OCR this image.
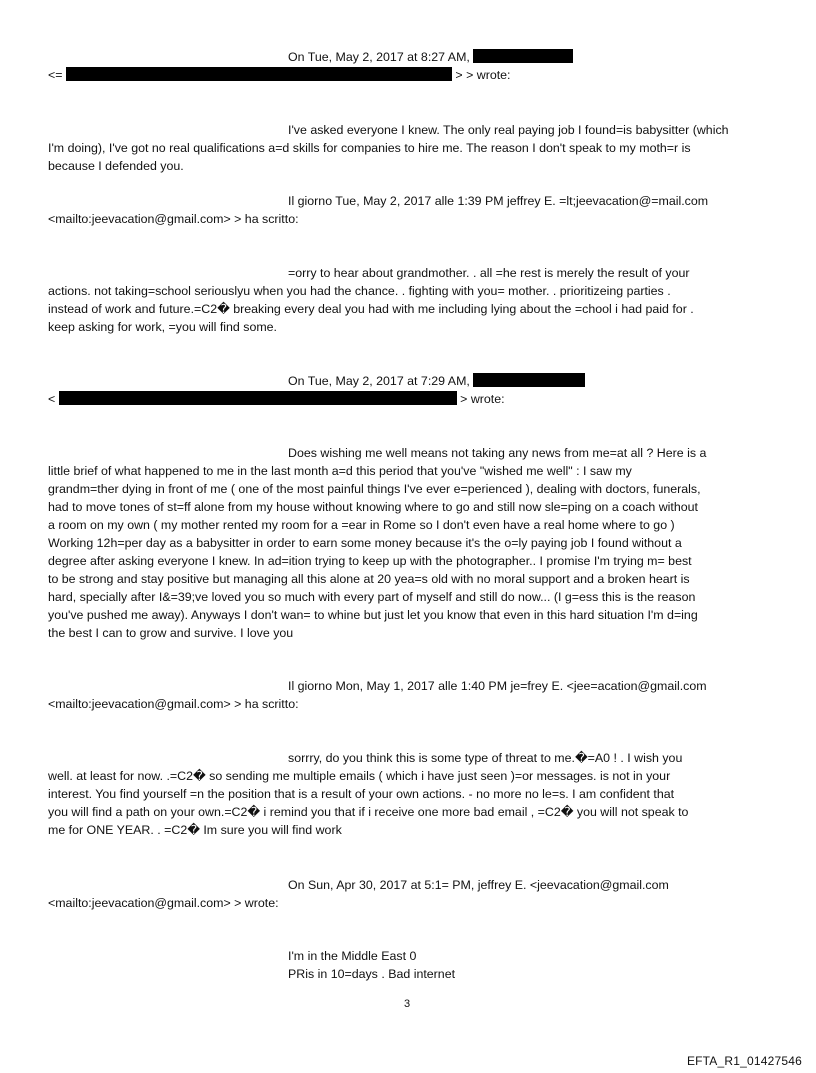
On Tue, May 2, 2017 at 8:27 AM,
<=	> > wrote:
I've asked everyone I knew. The only real paying job I found=is babysitter (which
I'm doing), I've got no real qualifications a=d skills for companies to hire me. The reason I don't speak to my moth=r is
because I defended you.
Il giorno Tue, May 2, 2017 alle 1:39 PM jeffrey E. =lt;jeevacation@=mail.com
<mailto:jeevacation@gmail.com> > ha scritto:
=orry to hear about grandmother. . all =he rest is merely the result of your
actions. not taking=school seriouslyu when you had the chance. . fighting with you= mother. . prioritizeing parties .
instead of work and future.=C2� breaking every deal you had with me including lying about the =chool i had paid for .
keep asking for work, =you will find some.
On Tue, May 2, 2017 at 7:29 AM,
<	> wrote:
Does wishing me well means not taking any news from me=at all ? Here is a
little brief of what happened to me in the last month a=d this period that you've "wished me well" : I saw my
grandm=ther dying in front of me ( one of the most painful things I've ever e=perienced ), dealing with doctors, funerals,
had to move tones of st=ff alone from my house without knowing where to go and still now sle=ping on a coach without
a room on my own ( my mother rented my room for a =ear in Rome so I don't even have a real home where to go )
Working 12h=per day as a babysitter in order to earn some money because it's the o=ly paying job I found without a
degree after asking everyone I knew. In ad=ition trying to keep up with the photographer.. I promise I'm trying m= best
to be strong and stay positive but managing all this alone at 20 yea=s old with no moral support and a broken heart is
hard, specially after I&=39;ve loved you so much with every part of myself and still do now... (I g=ess this is the reason
you've pushed me away). Anyways I don't wan= to whine but just let you know that even in this hard situation I'm d=ing
the best I can to grow and survive. I love you
Il giorno Mon, May 1, 2017 alle 1:40 PM je=frey E. <jee=acation@gmail.com
<mailto:jeevacation@gmail.com> > ha scritto:
sorrry, do you think this is some type of threat to me.�=A0 ! . I wish you
well. at least for now. .=C2� so sending me multiple emails ( which i have just seen )=or messages. is not in your
interest. You find yourself =n the position that is a result of your own actions. - no more no le=s. I am confident that
you will find a path on your own.=C2� i remind you that if i receive one more bad email , =C2� you will not speak to
me for ONE YEAR. . =C2� Im sure you will find work
On Sun, Apr 30, 2017 at 5:1= PM, jeffrey E. <jeevacation@gmail.com
<mailto:jeevacation@gmail.com> > wrote:
I'm in the Middle East 0
PRis in 10=days . Bad internet
3
EFTA_R1_01427546
